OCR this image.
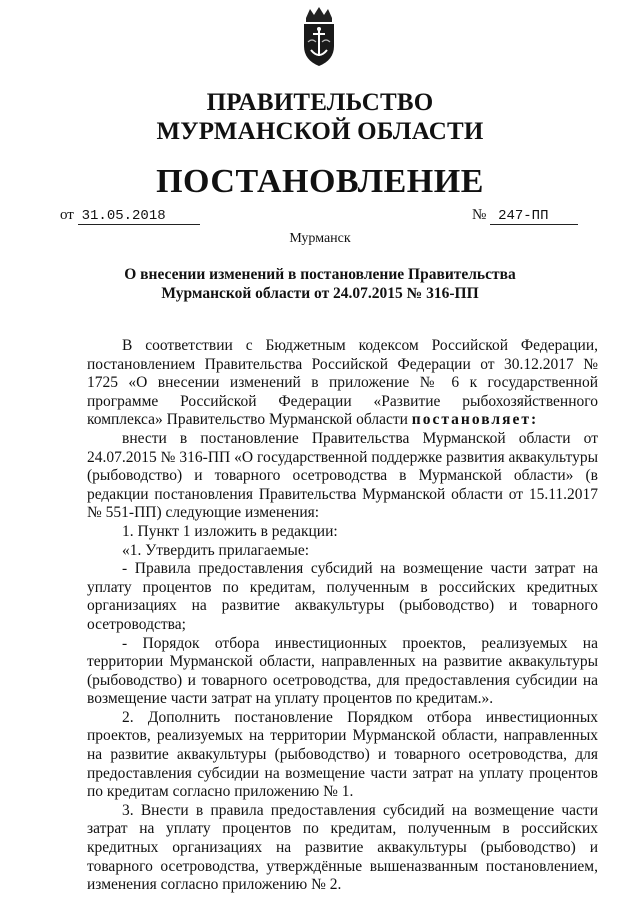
ПРАВИТЕЛЬСТВО
МУРМАНСКОЙ ОБЛАСТИ
ПОСТАНОВЛЕНИЕ
от 31.05.2018	№ 247-ПП
Мурманск
О внесении изменений в постановление Правительства
Мурманской области от 24.07.2015 № 316-ПП

В соответствии с Бюджетным кодексом Российской Федерации, постановлением Правительства Российской Федерации от 30.12.2017 № 1725 «О внесении изменений в приложение № 6 к государственной программе Российской Федерации «Развитие рыбохозяйственного комплекса» Правительство Мурманской области постановляет:

внести в постановление Правительства Мурманской области от 24.07.2015 № 316-ПП «О государственной поддержке развития аквакультуры (рыбоводство) и товарного осетроводства в Мурманской области» (в редакции постановления Правительства Мурманской области от 15.11.2017 № 551-ПП) следующие изменения:

1. Пункт 1 изложить в редакции:

«1. Утвердить прилагаемые:

- Правила предоставления субсидий на возмещение части затрат на уплату процентов по кредитам, полученным в российских кредитных организациях на развитие аквакультуры (рыбоводство) и товарного осетроводства;

- Порядок отбора инвестиционных проектов, реализуемых на территории Мурманской области, направленных на развитие аквакультуры (рыбоводство) и товарного осетроводства, для предоставления субсидии на возмещение части затрат на уплату процентов по кредитам.».

2. Дополнить постановление Порядком отбора инвестиционных проектов, реализуемых на территории Мурманской области, направленных на развитие аквакультуры (рыбоводство) и товарного осетроводства, для предоставления субсидии на возмещение части затрат на уплату процентов по кредитам согласно приложению № 1.

3. Внести в правила предоставления субсидий на возмещение части затрат на уплату процентов по кредитам, полученным в российских кредитных организациях на развитие аквакультуры (рыбоводство) и товарного осетроводства, утверждённые вышеназванным постановлением, изменения согласно приложению № 2.
